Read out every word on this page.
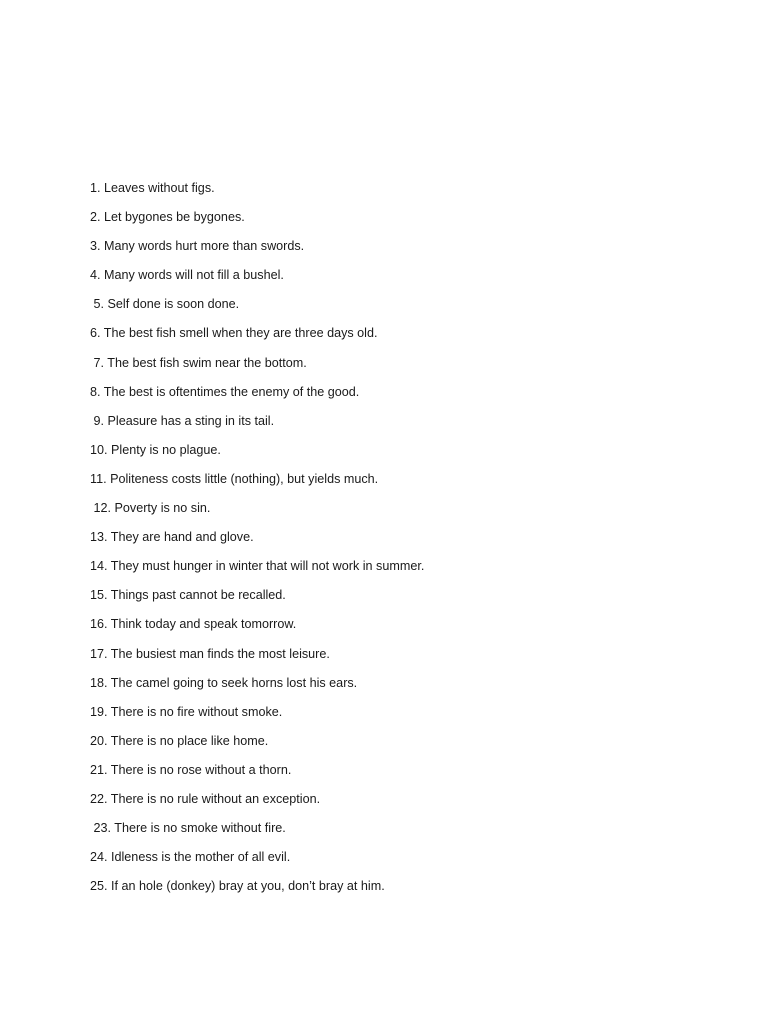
1. Leaves without figs.
2. Let bygones be bygones.
3. Many words hurt more than swords.
4. Many words will not fill a bushel.
5. Self done is soon done.
6. The best fish smell when they are three days old.
7. The best fish swim near the bottom.
8. The best is oftentimes the enemy of the good.
9. Pleasure has a sting in its tail.
10. Plenty is no plague.
11. Politeness costs little (nothing), but yields much.
12. Poverty is no sin.
13. They are hand and glove.
14. They must hunger in winter that will not work in summer.
15. Things past cannot be recalled.
16. Think today and speak tomorrow.
17. The busiest man finds the most leisure.
18. The camel going to seek horns lost his ears.
19. There is no fire without smoke.
20. There is no place like home.
21. There is no rose without a thorn.
22. There is no rule without an exception.
23. There is no smoke without fire.
24. Idleness is the mother of all evil.
25. If an hole (donkey) bray at you, don’t bray at him.
